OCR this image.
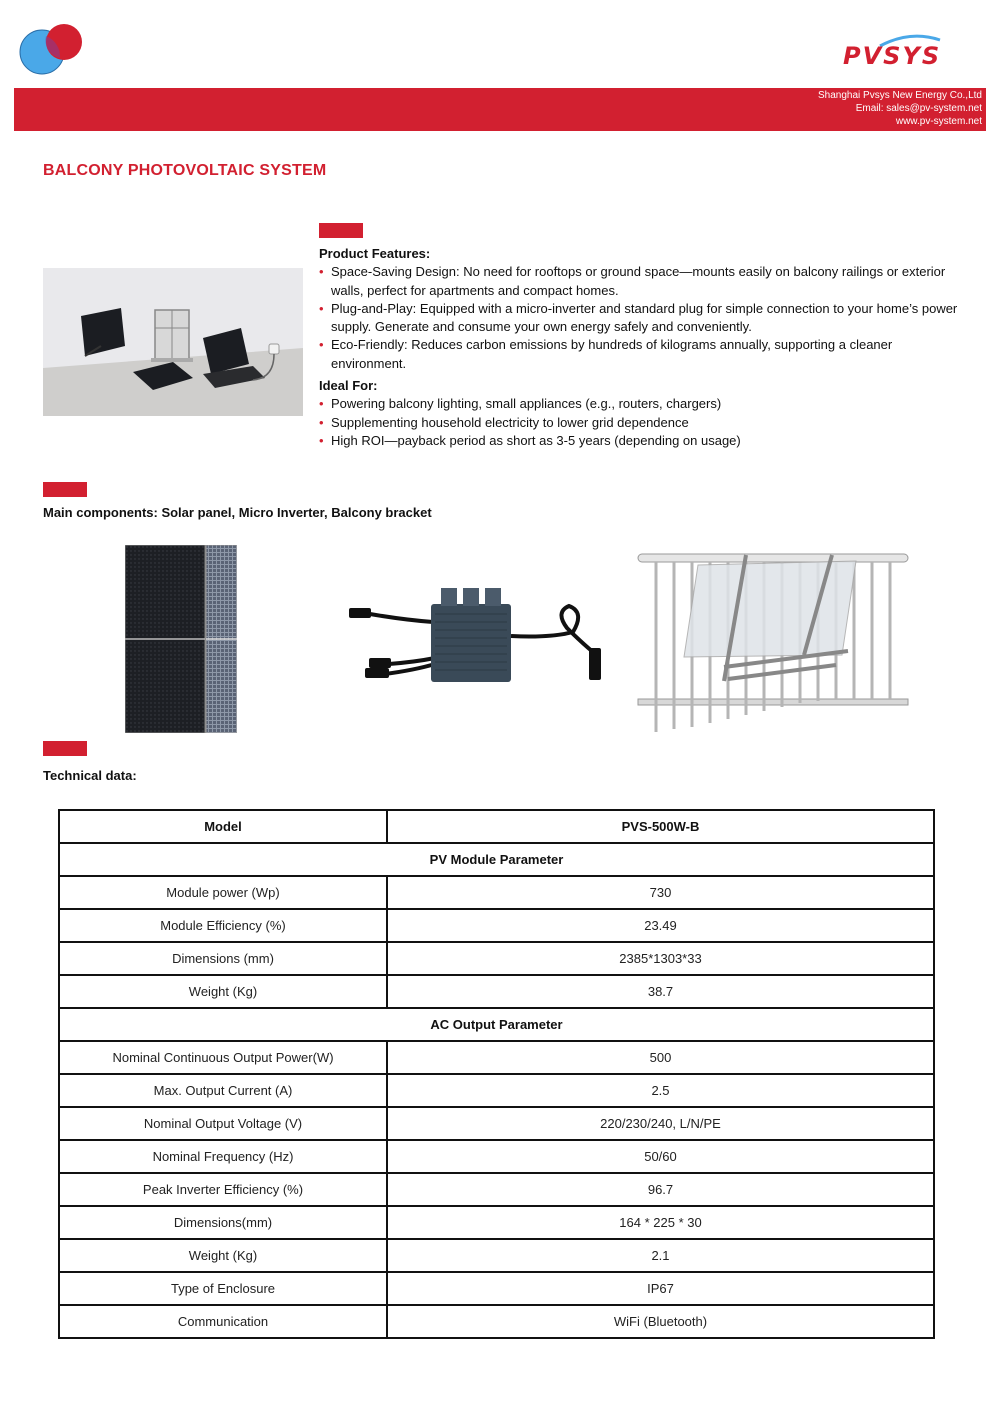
PVSYS
Shanghai Pvsys New Energy Co.,Ltd
Email: sales@pv-system.net
www.pv-system.net
BALCONY PHOTOVOLTAIC SYSTEM
Product Features:
• Space-Saving Design: No need for rooftops or ground space—mounts easily on balcony railings or exterior walls, perfect for apartments and compact homes.
• Plug-and-Play: Equipped with a micro-inverter and standard plug for simple connection to your home’s power supply. Generate and consume your own energy safely and conveniently.
• Eco-Friendly: Reduces carbon emissions by hundreds of kilograms annually, supporting a cleaner environment.
Ideal For:
• Powering balcony lighting, small appliances (e.g., routers, chargers)
• Supplementing household electricity to lower grid dependence
• High ROI—payback period as short as 3-5 years (depending on usage)
Main components: Solar panel, Micro Inverter, Balcony bracket
Technical data:
Model	PVS-500W-B
PV Module Parameter	
Module power (Wp)	730
Module Efficiency (%)	23.49
Dimensions (mm)	2385*1303*33
Weight (Kg)	38.7
AC Output Parameter	
Nominal Continuous Output Power(W)	500
Max. Output Current (A)	2.5
Nominal Output Voltage (V)	220/230/240, L/N/PE
Nominal Frequency (Hz)	50/60
Peak Inverter Efficiency (%)	96.7
Dimensions(mm)	164 * 225 * 30
Weight (Kg)	2.1
Type of Enclosure	IP67
Communication	WiFi (Bluetooth)
